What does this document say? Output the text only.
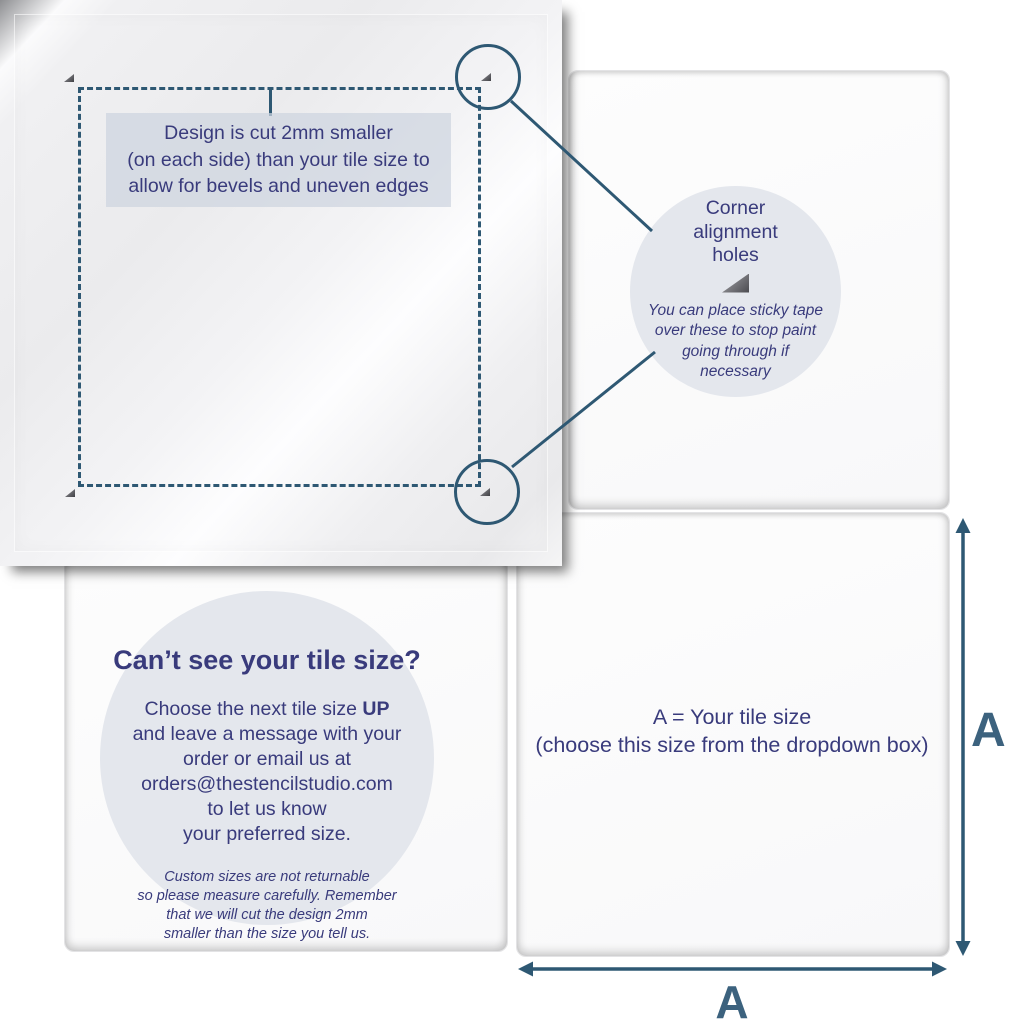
A = Your tile size
(choose this size from the dropdown box)
Corner
alignment
holes
You can place sticky tape
over these to stop paint
going through if
necessary
Can’t see your tile size?
Choose the next tile size UP
and leave a message with your
order or email us at
orders@thestencilstudio.com
to let us know
your preferred size.
Custom sizes are not returnable
so please measure carefully. Remember
that we will cut the design 2mm
smaller than the size you tell us.
Design is cut 2mm smaller
(on each side) than your tile size to
allow for bevels and uneven edges
A
A
